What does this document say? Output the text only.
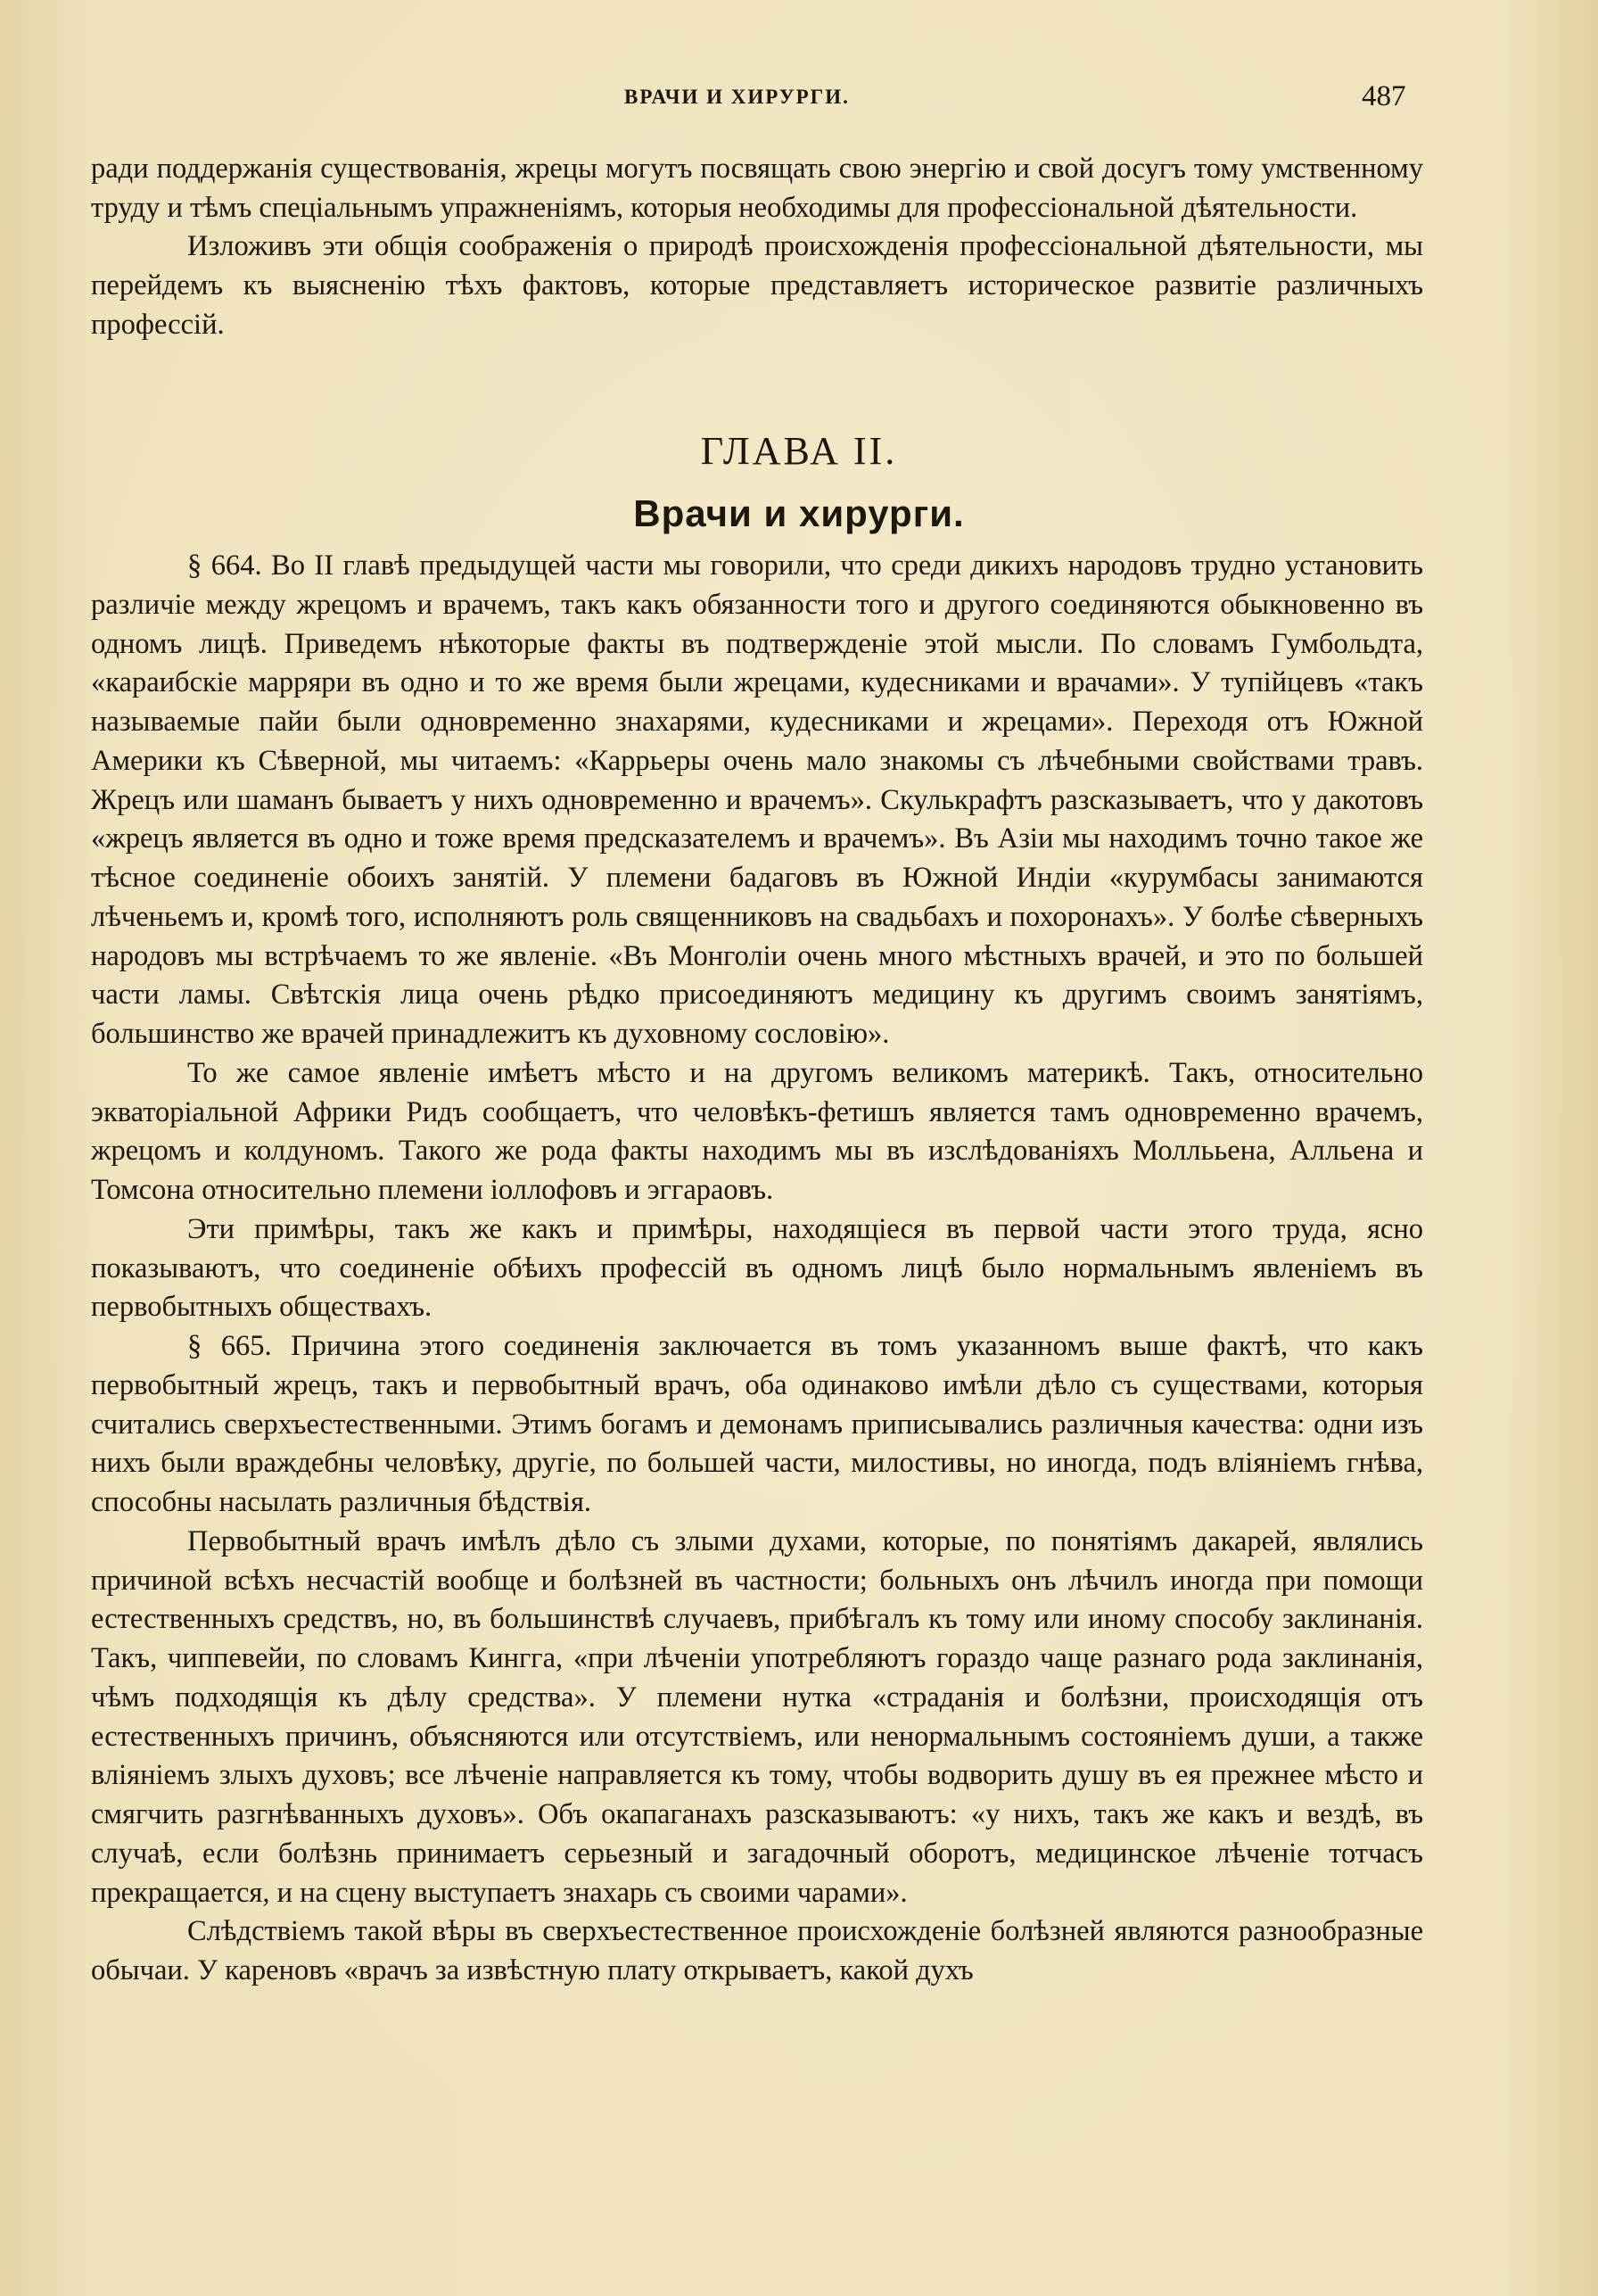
ВРАЧИ И ХИРУРГИ.	487

ради поддержанія существованія, жрецы могутъ посвящать свою энергію и свой досугъ тому умственному труду и тѣмъ спеціальнымъ упражненіямъ, которыя необходимы для профессіональной дѣятельности.

Изложивъ эти общія соображенія о природѣ происхожденія профессіональной дѣятельности, мы перейдемъ къ выясненію тѣхъ фактовъ, которые представляетъ историческое развитіе различныхъ профессій.

ГЛАВА II.
Врачи и хирурги.

§ 664. Во II главѣ предыдущей части мы говорили, что среди дикихъ народовъ трудно установить различіе между жрецомъ и врачемъ, такъ какъ обязанности того и другого соединяются обыкновенно въ одномъ лицѣ. Приведемъ нѣкоторые факты въ подтвержденіе этой мысли. По словамъ Гумбольдта, «караибскіе марряри въ одно и то же время были жрецами, кудесниками и врачами». У тупійцевъ «такъ называемые пайи были одновременно знахарями, кудесниками и жрецами». Переходя отъ Южной Америки къ Сѣверной, мы читаемъ: «Каррьеры очень мало знакомы съ лѣчебными свойствами травъ. Жрецъ или шаманъ бываетъ у нихъ одновременно и врачемъ». Скулькрафтъ разсказываетъ, что у дакотовъ «жрецъ является въ одно и тоже время предсказателемъ и врачемъ». Въ Азіи мы находимъ точно такое же тѣсное соединеніе обоихъ занятій. У племени бадаговъ въ Южной Индіи «курумбасы занимаются лѣченьемъ и, кромѣ того, исполняютъ роль священниковъ на свадьбахъ и похоронахъ». У болѣе сѣверныхъ народовъ мы встрѣчаемъ то же явленіе. «Въ Монголіи очень много мѣстныхъ врачей, и это по большей части ламы. Свѣтскія лица очень рѣдко присоединяютъ медицину къ другимъ своимъ занятіямъ, большинство же врачей принадлежитъ къ духовному сословію».

То же самое явленіе имѣетъ мѣсто и на другомъ великомъ материкѣ. Такъ, относительно экваторіальной Африки Ридъ сообщаетъ, что человѣкъ-фетишъ является тамъ одновременно врачемъ, жрецомъ и колдуномъ. Такого же рода факты находимъ мы въ изслѣдованіяхъ Моллььена, Алльена и Томсона относительно племени іоллофовъ и эггараовъ.

Эти примѣры, такъ же какъ и примѣры, находящіеся въ первой части этого труда, ясно показываютъ, что соединеніе обѣихъ профессій въ одномъ лицѣ было нормальнымъ явленіемъ въ первобытныхъ обществахъ.

§ 665. Причина этого соединенія заключается въ томъ указанномъ выше фактѣ, что какъ первобытный жрецъ, такъ и первобытный врачъ, оба одинаково имѣли дѣло съ существами, которыя считались сверхъестественными. Этимъ богамъ и демонамъ приписывались различныя качества: одни изъ нихъ были враждебны человѣку, другіе, по большей части, милостивы, но иногда, подъ вліяніемъ гнѣва, способны насылать различныя бѣдствія.

Первобытный врачъ имѣлъ дѣло съ злыми духами, которые, по понятіямъ дакарей, являлись причиной всѣхъ несчастій вообще и болѣзней въ частности; больныхъ онъ лѣчилъ иногда при помощи естественныхъ средствъ, но, въ большинствѣ случаевъ, прибѣгалъ къ тому или иному способу заклинанія. Такъ, чиппевейи, по словамъ Кингга, «при лѣченіи употребляютъ гораздо чаще разнаго рода заклинанія, чѣмъ подходящія къ дѣлу средства». У племени нутка «страданія и болѣзни, происходящія отъ естественныхъ причинъ, объясняются или отсутствіемъ, или ненормальнымъ состояніемъ души, а также вліяніемъ злыхъ духовъ; все лѣченіе направляется къ тому, чтобы водворить душу въ ея прежнее мѣсто и смягчить разгнѣванныхъ духовъ». Объ окапаганахъ разсказываютъ: «у нихъ, такъ же какъ и вездѣ, въ случаѣ, если болѣзнь принимаетъ серьезный и загадочный оборотъ, медицинское лѣченіе тотчасъ прекращается, и на сцену выступаетъ знахарь съ своими чарами».

Слѣдствіемъ такой вѣры въ сверхъестественное происхожденіе болѣзней являются разнообразные обычаи. У кареновъ «врачъ за извѣстную плату открываетъ, какой духъ
